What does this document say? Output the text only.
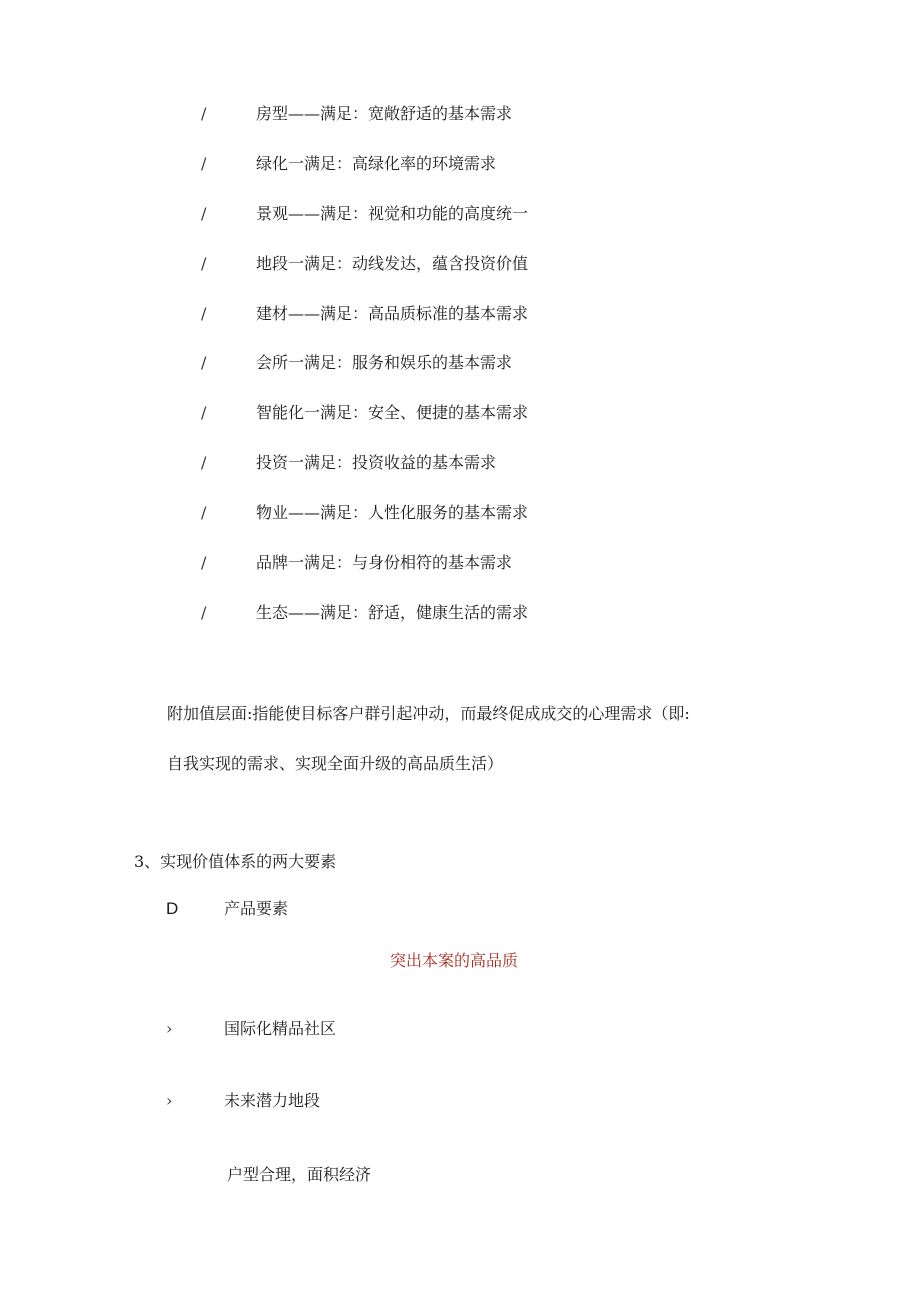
/	房型——满足：宽敞舒适的基本需求
/	绿化一满足：高绿化率的环境需求
/	景观——满足：视觉和功能的高度统一
/	地段一满足：动线发达，蕴含投资价值
/	建材——满足：高品质标准的基本需求
/	会所一满足：服务和娱乐的基本需求
/	智能化一满足：安全、便捷的基本需求
/	投资一满足：投资收益的基本需求
/	物业——满足：人性化服务的基本需求
/	品牌一满足：与身份相符的基本需求
/	生态——满足：舒适，健康生活的需求
附加值层面:指能使目标客户群引起冲动，而最终促成成交的心理需求（即:
自我实现的需求、实现全面升级的高品质生活）
3、实现价值体系的两大要素
D	产品要素
突出本案的高品质
›	国际化精品社区
›	未来潜力地段
户型合理，面积经济
